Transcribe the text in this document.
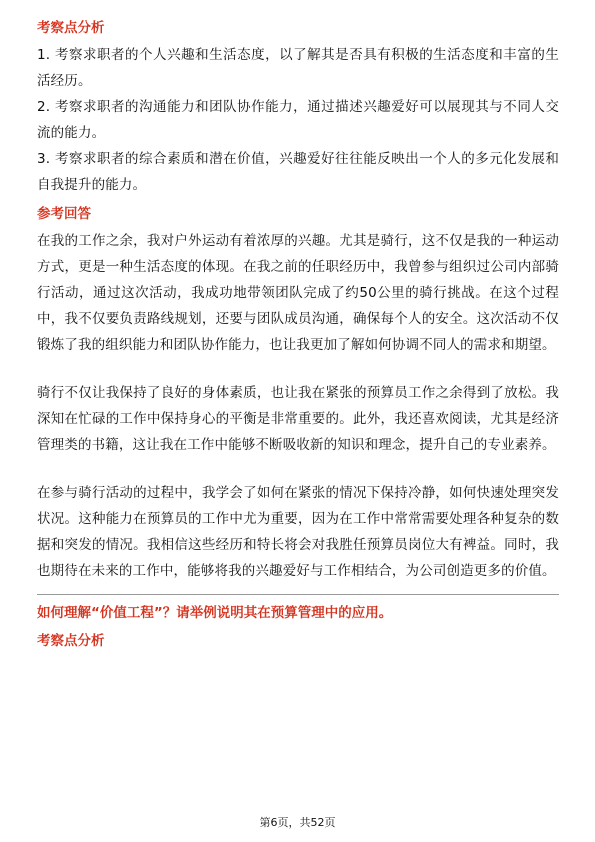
考察点分析

1. 考察求职者的个人兴趣和生活态度，以了解其是否具有积极的生活态度和丰富的生活经历。

2. 考察求职者的沟通能力和团队协作能力，通过描述兴趣爱好可以展现其与不同人交流的能力。

3. 考察求职者的综合素质和潜在价值，兴趣爱好往往能反映出一个人的多元化发展和自我提升的能力。

参考回答

在我的工作之余，我对户外运动有着浓厚的兴趣。尤其是骑行，这不仅是我的一种运动方式，更是一种生活态度的体现。在我之前的任职经历中，我曾参与组织过公司内部骑行活动，通过这次活动，我成功地带领团队完成了约50公里的骑行挑战。在这个过程中，我不仅要负责路线规划，还要与团队成员沟通，确保每个人的安全。这次活动不仅锻炼了我的组织能力和团队协作能力，也让我更加了解如何协调不同人的需求和期望。

骑行不仅让我保持了良好的身体素质，也让我在紧张的预算员工作之余得到了放松。我深知在忙碌的工作中保持身心的平衡是非常重要的。此外，我还喜欢阅读，尤其是经济管理类的书籍，这让我在工作中能够不断吸收新的知识和理念，提升自己的专业素养。

在参与骑行活动的过程中，我学会了如何在紧张的情况下保持冷静，如何快速处理突发状况。这种能力在预算员的工作中尤为重要，因为在工作中常常需要处理各种复杂的数据和突发的情况。我相信这些经历和特长将会对我胜任预算员岗位大有裨益。同时，我也期待在未来的工作中，能够将我的兴趣爱好与工作相结合，为公司创造更多的价值。

如何理解“价值工程”？请举例说明其在预算管理中的应用。
考察点分析
第6页，共52页
